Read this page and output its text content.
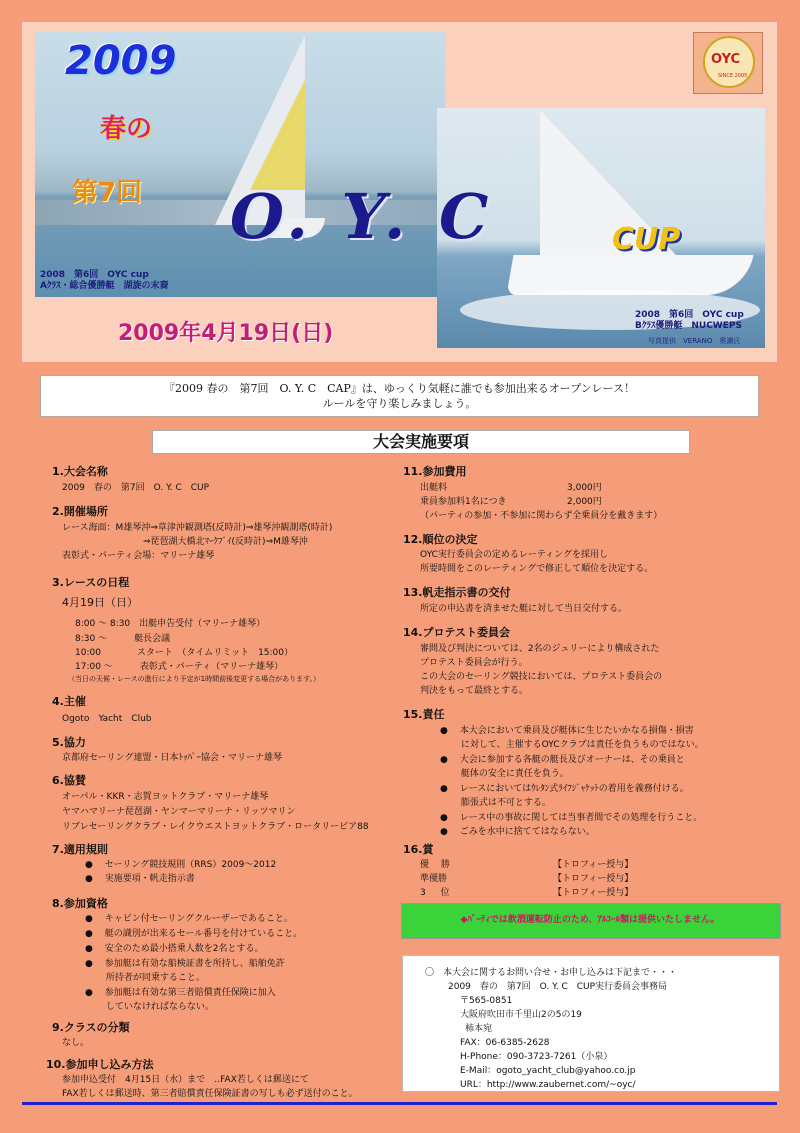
2009
春の
第7回 O. Y. C	CUP
2008　第6回　OYC cup
Aｸﾗｽ・総合優勝艇　湖旋の末裔
2008　第6回　OYC cup
Bｸﾗｽ優勝艇　NUCWEPS
写真提供　VERANO　奥瀬氏
2009年4月19日(日)
OYC
SINCE 2005
『2009 春の　第7回　O. Y. C　CAP』は、ゆっくり気軽に誰でも参加出来るオープンレース！
ルールを守り楽しみましょう。
大会実施要項
1.大会名称
2009　春の　第7回　O. Y. C　CUP
2.開催場所
レース海面：M雄琴沖⇒草津沖観測塔(反時計)⇒雄琴沖観測塔(時計)
⇒琵琶湖大橋北ﾏｰｸﾌﾞｲ(反時計)⇒M雄琴沖
表彰式・パーティ会場：マリーナ雄琴
3.レースの日程
4月19日（日）
8:00 ～ 8:30　出艇申告受付（マリーナ雄琴）
8:30 ～　　　艇長会議
10:00　　　　スタート　（タイムリミット　15:00）
17:00 ～　　　表彰式・パーティ（マリーナ雄琴）
（当日の天候・レースの進行により予定が1時間前後変更する場合があります。）
4.主催
Ogoto　Yacht　Club
5.協力
京都府セーリング連盟・日本ﾄｯﾊﾟｰ協会・マリーナ雄琴
6.協賛
オーパル・KKR・志賀ヨットクラブ・マリーナ雄琴
ヤマハマリーナ琵琶湖・ヤンマーマリーナ・リッツマリン
リブレセーリングクラブ・レイクウエストヨットクラブ・ロータリーピア88
7.適用規則
●　 セーリング競技規則（RRS）2009～2012
●　 実施要項・帆走指示書
8.参加資格
●　 キャビン付セーリングクルーザーであること。
●　 艇の識別が出来るセール番号を付けていること。
●　 安全のため最小搭乗人数を2名とする。
●　 参加艇は有効な船検証書を所持し、船舶免許
　　 所持者が同乗すること。
●　 参加艇は有効な第三者賠償責任保険に加入
　　 していなければならない。
9.クラスの分類
なし。
10.参加申し込み方法
参加申込受付　4月15日（水）まで　‥FAX若しくは郵送にて
FAX若しくは郵送時、第三者賠償責任保険証書の写しも必ず送付のこと。
11.参加費用
出艇料	3,000円
乗員参加料1名につき	2,000円
（パーティの参加・不参加に関わらず全乗員分を戴きます）
12.順位の決定
OYC実行委員会の定めるレーティングを採用し
所要時間をこのレーティングで修正して順位を決定する。
13.帆走指示書の交付
所定の申込書を済ませた艇に対して当日交付する。
14.プロテスト委員会
審問及び判決については、2名のジュリーにより構成された
プロテスト委員会が行う。
この大会のセーリング競技においては、プロテスト委員会の
判決をもって最終とする。
15.責任
●　 本大会において乗員及び艇体に生じたいかなる損傷・損害
　　 に対して、主催するOYCクラブは責任を負うものではない。
●　 大会に参加する各艇の艇長及びオーナーは、その乗員と
　　 艇体の安全に責任を負う。
●　 レースにおいてはｳﾚﾀﾝ式ﾗｲﾌｼﾞｬｹｯﾄの着用を義務付ける。
　　 膨張式は不可とする。
●　 レース中の事故に関しては当事者間でその処理を行うこと。
●　 ごみを水中に捨ててはならない。
16.賞
優　 勝	【トロフィー授与】
準優勝	【トロフィー授与】
3　  位	【トロフィー授与】
◆ﾊﾟｰﾃｨでは飲酒運転防止のため、ｱﾙｺｰﾙ類は提供いたしません。
〇　本大会に関するお問い合せ・お申し込みは下記まで・・・
2009　春の　第7回　O. Y. C　CUP実行委員会事務局
〒565-0851
大阪府吹田市千里山2の5の19
柿本宛
FAX：06-6385-2628
H-Phone：090-3723-7261（小泉）
E-Mail：ogoto_yacht_club@yahoo.co.jp
URL：http://www.zaubernet.com/~oyc/
